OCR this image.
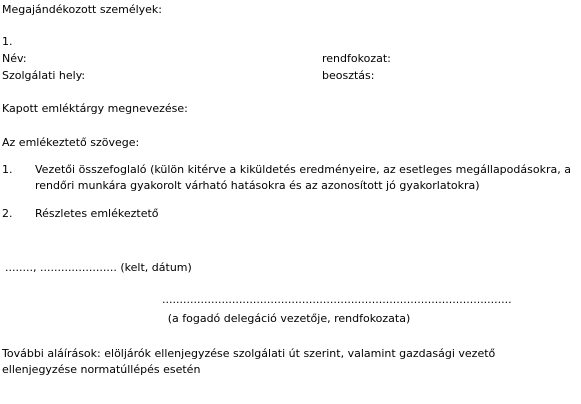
Megajándékozott személyek:
1.
Név:	rendfokozat:
Szolgálati hely:	beosztás:
Kapott emléktárgy megnevezése:
Az emlékeztető szövege:
1. Vezetői összefoglaló (külön kitérve a kiküldetés eredményeire, az esetleges megállapodásokra, a rendőri munkára gyakorolt várható hatásokra és az azonosított jó gyakorlatokra)
2. Részletes emlékeztető
........, ...................... (kelt, dátum)
....................................................................................................
(a fogadó delegáció vezetője, rendfokozata)
További aláírások: elöljárók ellenjegyzése szolgálati út szerint, valamint gazdasági vezető ellenjegyzése normatúllépés esetén
